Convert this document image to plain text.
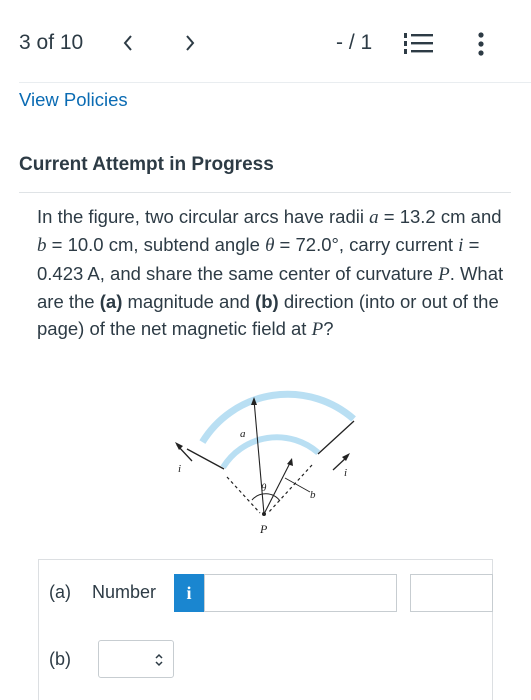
3 of 10	- / 1
View Policies
Current Attempt in Progress
In the figure, two circular arcs have radii a = 13.2 cm and b = 10.0 cm, subtend angle θ = 72.0°, carry current i = 0.423 A, and share the same center of curvature P. What are the (a) magnitude and (b) direction (into or out of the page) of the net magnetic field at P?
a
b
θ
P
i	i
(a) Number i
(b)
